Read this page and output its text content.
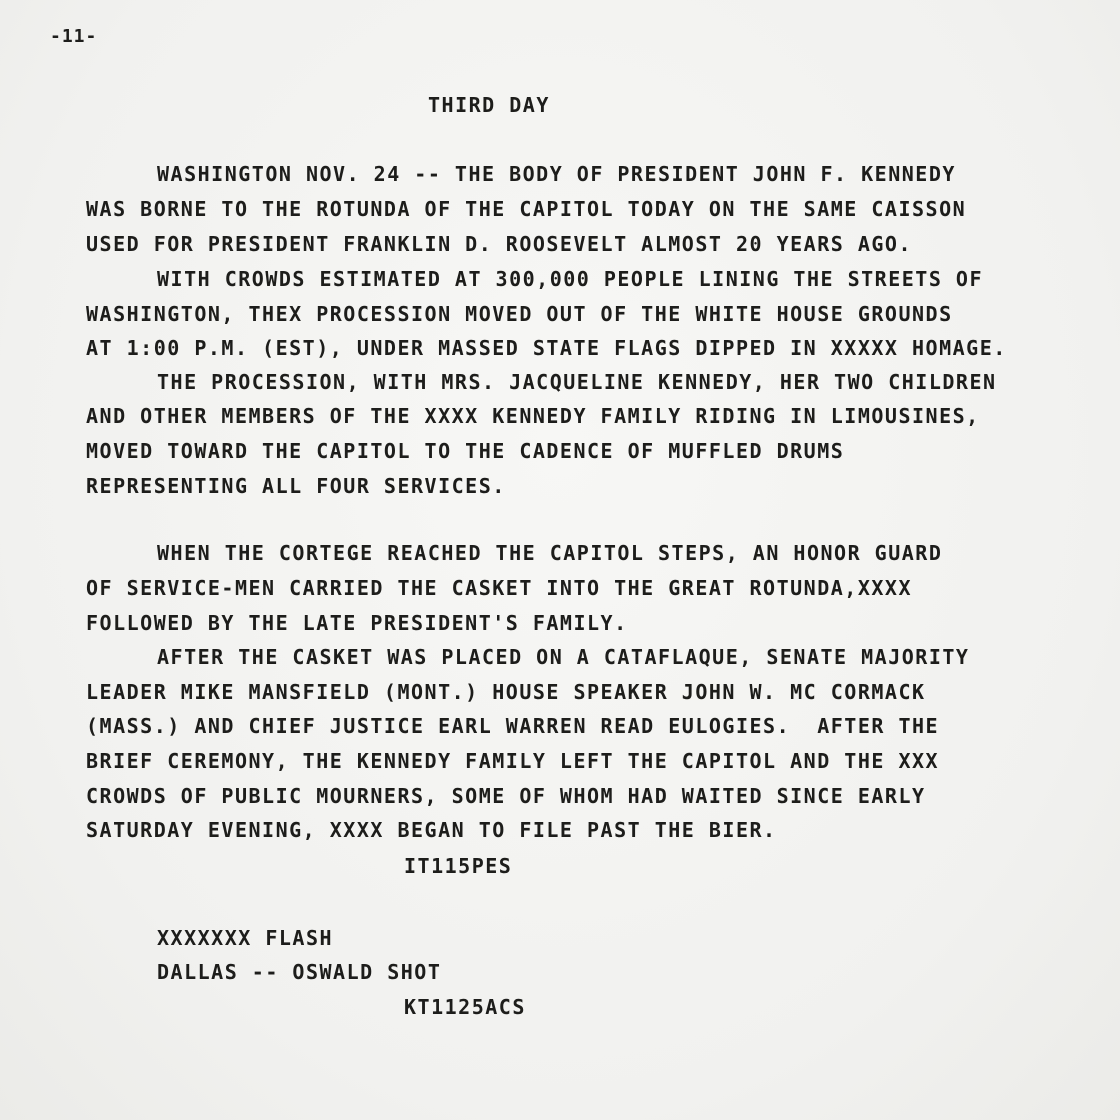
-11-
THIRD DAY
WASHINGTON NOV. 24 -- THE BODY OF PRESIDENT JOHN F. KENNEDY
WAS BORNE TO THE ROTUNDA OF THE CAPITOL TODAY ON THE SAME CAISSON
USED FOR PRESIDENT FRANKLIN D. ROOSEVELT ALMOST 20 YEARS AGO.
WITH CROWDS ESTIMATED AT 300,000 PEOPLE LINING THE STREETS OF
WASHINGTON, THEX PROCESSION MOVED OUT OF THE WHITE HOUSE GROUNDS
AT 1:00 P.M. (EST), UNDER MASSED STATE FLAGS DIPPED IN XXXXX HOMAGE.
THE PROCESSION, WITH MRS. JACQUELINE KENNEDY, HER TWO CHILDREN
AND OTHER MEMBERS OF THE XXXX KENNEDY FAMILY RIDING IN LIMOUSINES,
MOVED TOWARD THE CAPITOL TO THE CADENCE OF MUFFLED DRUMS
REPRESENTING ALL FOUR SERVICES.
WHEN THE CORTEGE REACHED THE CAPITOL STEPS, AN HONOR GUARD
OF SERVICE-MEN CARRIED THE CASKET INTO THE GREAT ROTUNDA,XXXX
FOLLOWED BY THE LATE PRESIDENT'S FAMILY.
AFTER THE CASKET WAS PLACED ON A CATAFLAQUE, SENATE MAJORITY
LEADER MIKE MANSFIELD (MONT.) HOUSE SPEAKER JOHN W. MC CORMACK
(MASS.) AND CHIEF JUSTICE EARL WARREN READ EULOGIES.  AFTER THE
BRIEF CEREMONY, THE KENNEDY FAMILY LEFT THE CAPITOL AND THE XXX
CROWDS OF PUBLIC MOURNERS, SOME OF WHOM HAD WAITED SINCE EARLY
SATURDAY EVENING, XXXX BEGAN TO FILE PAST THE BIER.
IT115PES
XXXXXXX FLASH
DALLAS -- OSWALD SHOT
KT1125ACS
